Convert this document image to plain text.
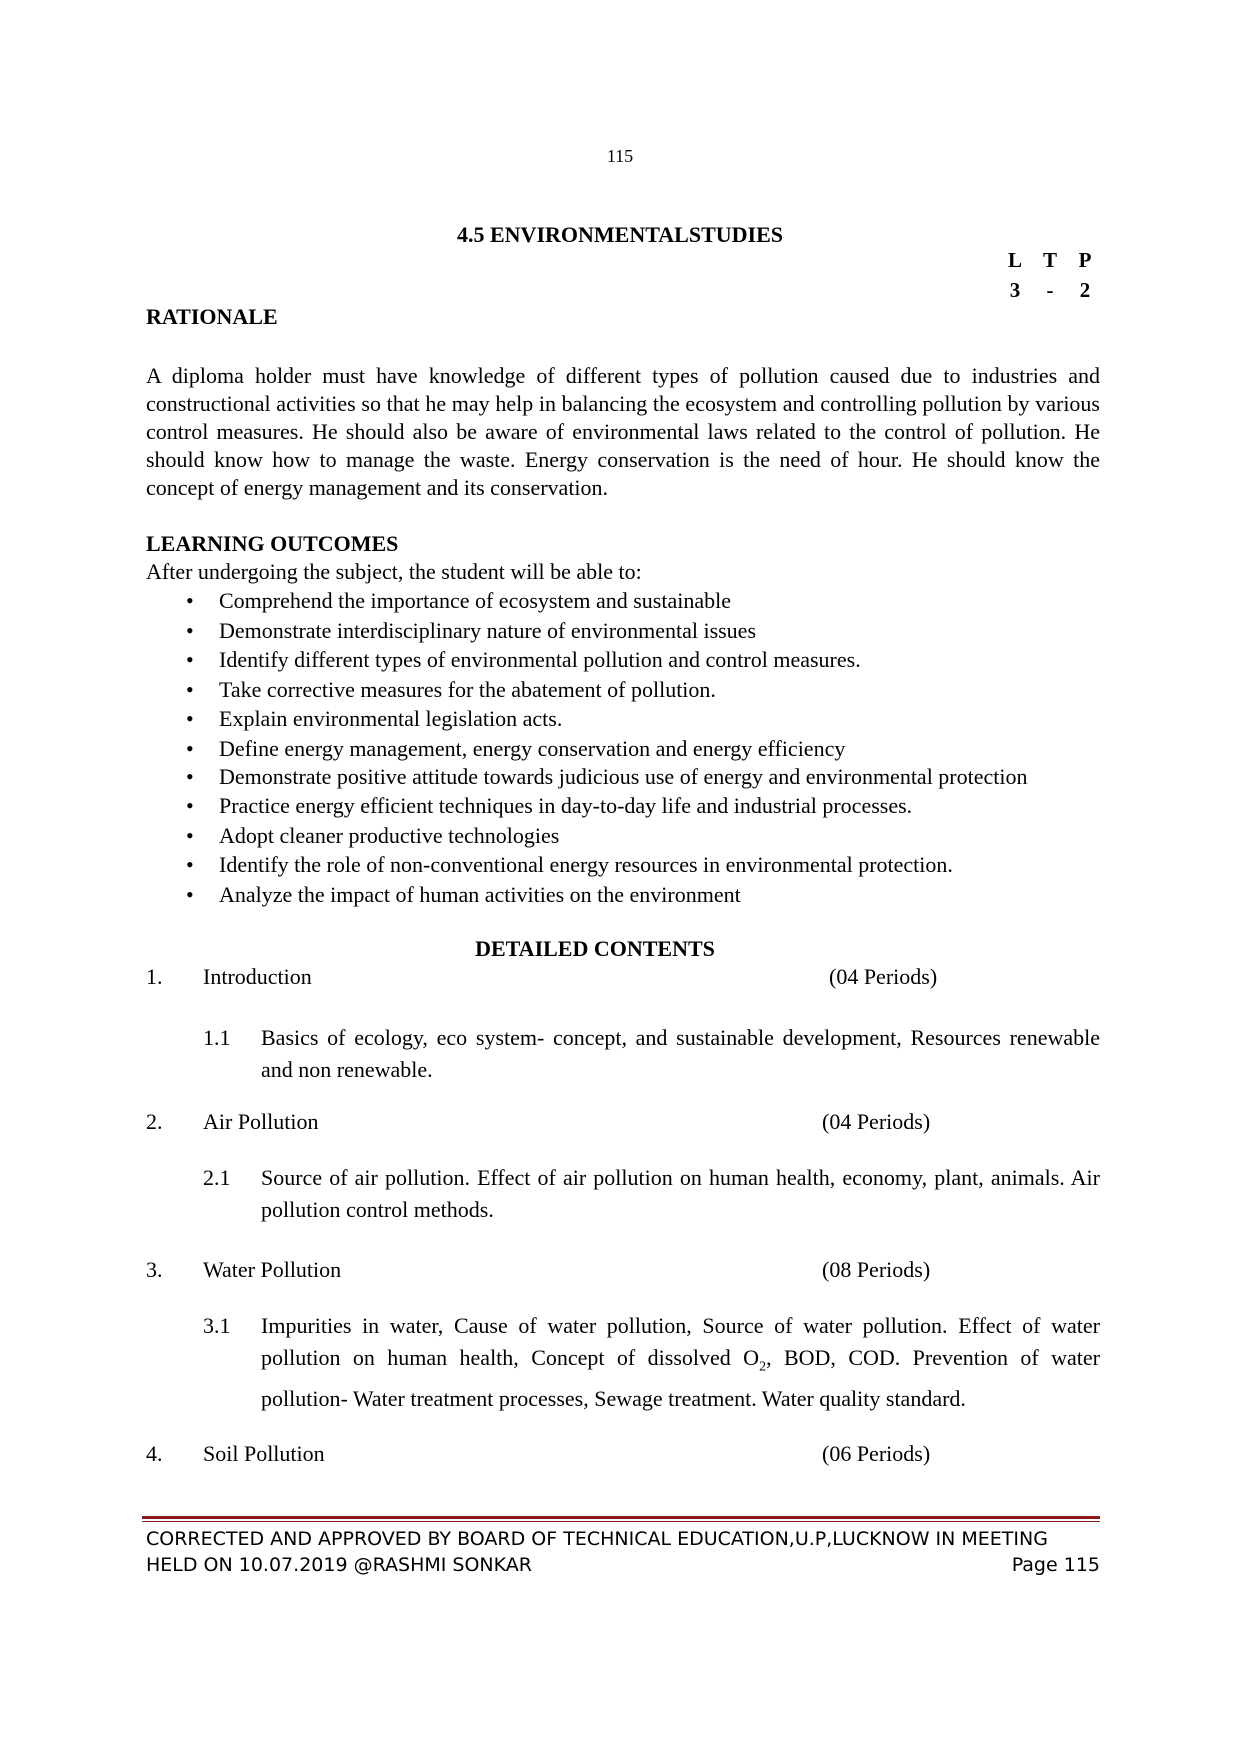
115
4.5 ENVIRONMENTALSTUDIES
L T	P
3	-	2
RATIONALE
A diploma holder must have knowledge of different types of pollution caused due to industries and constructional activities so that he may help in balancing the ecosystem and controlling pollution by various control measures. He should also be aware of environmental laws related to the control of pollution. He should know how to manage the waste. Energy conservation is the need of hour. He should know the concept of energy management and its conservation.
LEARNING OUTCOMES
After undergoing the subject, the student will be able to:
• Comprehend the importance of ecosystem and sustainable
• Demonstrate interdisciplinary nature of environmental issues
• Identify different types of environmental pollution and control measures.
• Take corrective measures for the abatement of pollution.
• Explain environmental legislation acts.
• Define energy management, energy conservation and energy efficiency
• Demonstrate positive attitude towards judicious use of energy and environmental protection
• Practice energy efficient techniques in day-to-day life and industrial processes.
• Adopt cleaner productive technologies
• Identify the role of non-conventional energy resources in environmental protection.
• Analyze the impact of human activities on the environment
DETAILED CONTENTS
1. Introduction	(04 Periods)
1.1 Basics of ecology, eco system- concept, and sustainable development, Resources renewable and non renewable.
2. Air Pollution	(04 Periods)
2.1 Source of air pollution. Effect of air pollution on human health, economy, plant, animals. Air pollution control methods.
3. Water Pollution	(08 Periods)
3.1 Impurities in water, Cause of water pollution, Source of water pollution. Effect of water pollution on human health, Concept of dissolved $O_2$, BOD, COD. Prevention of water pollution- Water treatment processes, Sewage treatment. Water quality standard.
4. Soil Pollution	(06 Periods)
CORRECTED AND APPROVED BY BOARD OF TECHNICAL EDUCATION,U.P,LUCKNOW IN MEETING
HELD ON 10.07.2019 @RASHMI SONKAR	Page 115
